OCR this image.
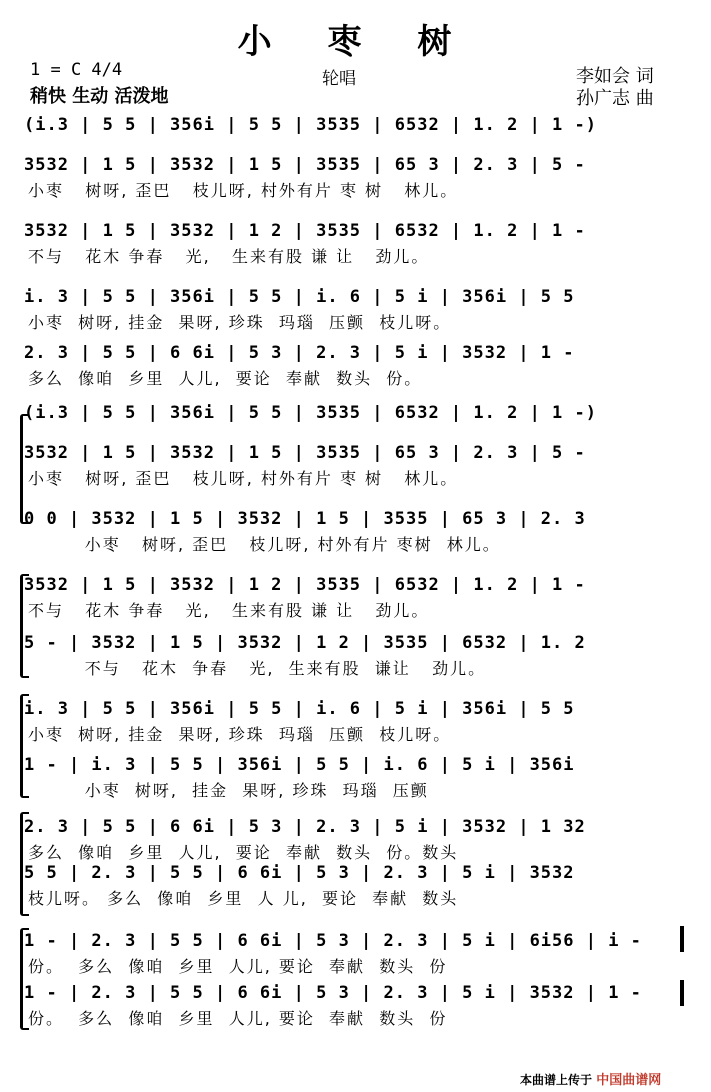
小 枣 树
1 = C 4/4
稍快 生动 活泼地
轮唱	李如会 词
孙广志 曲
(i.3 | 5 5 | 356i | 5 5 | 3535 | 6532 | 1. 2 | 1 -)
3532 | 1 5 | 3532 | 1 5 | 3535 | 65 3 | 2. 3 | 5 -
小枣   树呀, 歪巴   枝儿呀, 村外有片 枣 树   林儿。
3532 | 1 5 | 3532 | 1 2 | 3535 | 6532 | 1. 2 | 1 -
不与   花木 争春   光,   生来有股 谦 让   劲儿。
i. 3 | 5 5 | 356i | 5 5 | i. 6 | 5 i | 356i | 5 5
小枣  树呀, 挂金  果呀, 珍珠  玛瑙  压颤  枝儿呀。
2. 3 | 5 5 | 6 6i | 5 3 | 2. 3 | 5 i | 3532 | 1 -
多么  像咱  乡里  人儿,  要论  奉献  数头  份。
(i.3 | 5 5 | 356i | 5 5 | 3535 | 6532 | 1. 2 | 1 -)
3532 | 1 5 | 3532 | 1 5 | 3535 | 65 3 | 2. 3 | 5 -
小枣   树呀, 歪巴   枝儿呀, 村外有片 枣 树   林儿。
0 0 | 3532 | 1 5 | 3532 | 1 5 | 3535 | 65 3 | 2. 3
小枣   树呀, 歪巴   枝儿呀, 村外有片 枣树  林儿。
3532 | 1 5 | 3532 | 1 2 | 3535 | 6532 | 1. 2 | 1 -
不与   花木 争春   光,   生来有股 谦 让   劲儿。
5 - | 3532 | 1 5 | 3532 | 1 2 | 3535 | 6532 | 1. 2
不与   花木  争春   光,  生来有股  谦让   劲儿。
i. 3 | 5 5 | 356i | 5 5 | i. 6 | 5 i | 356i | 5 5
小枣  树呀, 挂金  果呀, 珍珠  玛瑙  压颤  枝儿呀。
1 - | i. 3 | 5 5 | 356i | 5 5 | i. 6 | 5 i | 356i
小枣  树呀,  挂金  果呀, 珍珠  玛瑙  压颤
2. 3 | 5 5 | 6 6i | 5 3 | 2. 3 | 5 i | 3532 | 1 32
多么  像咱  乡里  人儿,  要论  奉献  数头  份。数头
5 5 | 2. 3 | 5 5 | 6 6i | 5 3 | 2. 3 | 5 i | 3532
枝儿呀。 多么  像咱  乡里  人 儿,  要论  奉献  数头
1 - | 2. 3 | 5 5 | 6 6i | 5 3 | 2. 3 | 5 i | 6i56 | i -
份。  多么  像咱  乡里  人儿, 要论  奉献  数头  份
1 - | 2. 3 | 5 5 | 6 6i | 5 3 | 2. 3 | 5 i | 3532 | 1 -
份。  多么  像咱  乡里  人儿, 要论  奉献  数头  份
本曲谱上传于 中国曲谱网
